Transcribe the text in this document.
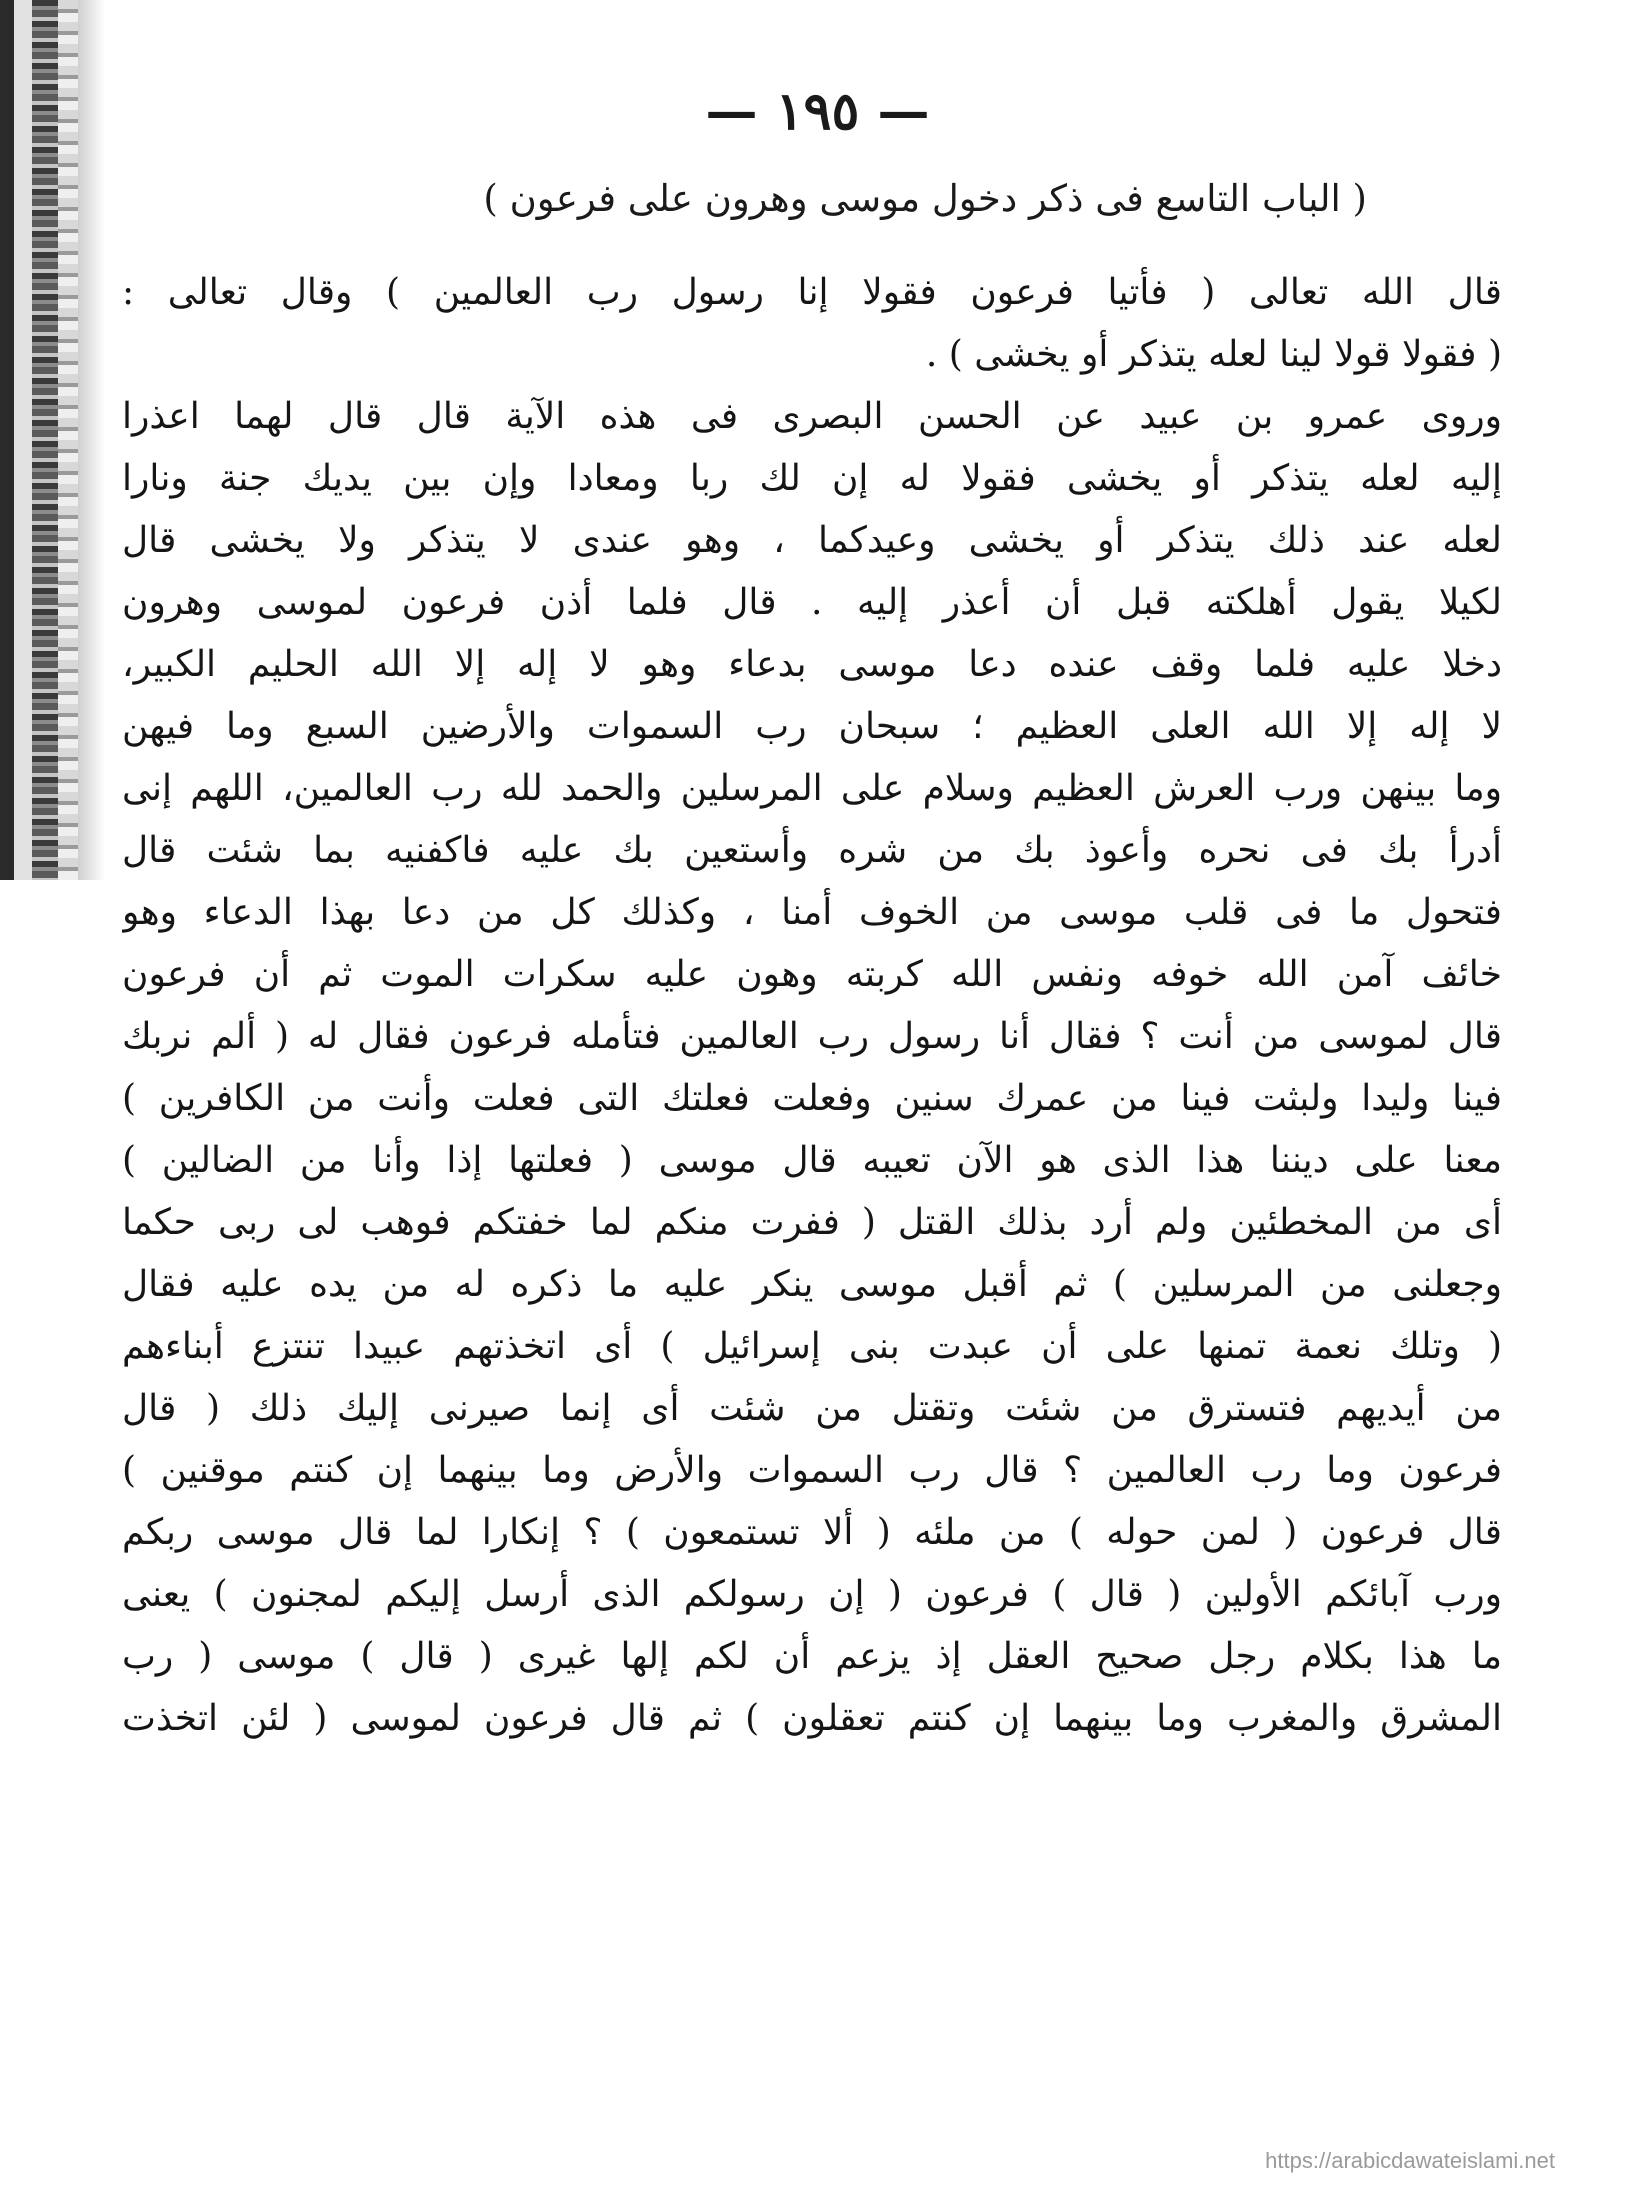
— ١٩٥ —

( الباب التاسع فى ذكر دخول موسى وهرون على فرعون )
قال الله تعالى ( فأتيا فرعون فقولا إنا رسول رب العالمين ) وقال تعالى :
( فقولا قولا لينا لعله يتذكر أو يخشى ) .
وروى عمرو بن عبيد عن الحسن البصرى فى هذه الآية قال قال لهما اعذرا
إليه لعله يتذكر أو يخشى فقولا له إن لك ربا ومعادا وإن بين يديك جنة ونارا
لعله عند ذلك يتذكر أو يخشى وعيدكما ، وهو عندى لا يتذكر ولا يخشى قال
لكيلا يقول أهلكته قبل أن أعذر إليه . قال فلما أذن فرعون لموسى وهرون
دخلا عليه فلما وقف عنده دعا موسى بدعاء وهو لا إله إلا الله الحليم الكبير،
لا إله إلا الله العلى العظيم ؛ سبحان رب السموات والأرضين السبع وما فيهن
وما بينهن ورب العرش العظيم وسلام على المرسلين والحمد لله رب العالمين، اللهم إنى
أدرأ بك فى نحره وأعوذ بك من شره وأستعين بك عليه فاكفنيه بما شئت قال
فتحول ما فى قلب موسى من الخوف أمنا ، وكذلك كل من دعا بهذا الدعاء وهو
خائف آمن الله خوفه ونفس الله كربته وهون عليه سكرات الموت ثم أن فرعون
قال لموسى من أنت ؟ فقال أنا رسول رب العالمين فتأمله فرعون فقال له ( ألم نربك
فينا وليدا ولبثت فينا من عمرك سنين وفعلت فعلتك التى فعلت وأنت من الكافرين )
معنا على ديننا هذا الذى هو الآن تعيبه قال موسى ( فعلتها إذا وأنا من الضالين )
أى من المخطئين ولم أرد بذلك القتل ( ففرت منكم لما خفتكم فوهب لى ربى حكما
وجعلنى من المرسلين ) ثم أقبل موسى ينكر عليه ما ذكره له من يده عليه فقال
( وتلك نعمة تمنها على أن عبدت بنى إسرائيل ) أى اتخذتهم عبيدا تنتزع أبناءهم
من أيديهم فتسترق من شئت وتقتل من شئت أى إنما صيرنى إليك ذلك ( قال
فرعون وما رب العالمين ؟ قال رب السموات والأرض وما بينهما إن كنتم موقنين )
قال فرعون ( لمن حوله ) من ملئه ( ألا تستمعون ) ؟ إنكارا لما قال موسى ربكم
ورب آبائكم الأولين ( قال ) فرعون ( إن رسولكم الذى أرسل إليكم لمجنون ) يعنى
ما هذا بكلام رجل صحيح العقل إذ يزعم أن لكم إلها غيرى ( قال ) موسى ( رب
المشرق والمغرب وما بينهما إن كنتم تعقلون ) ثم قال فرعون لموسى ( لئن اتخذت

https://arabicdawateislami.net
